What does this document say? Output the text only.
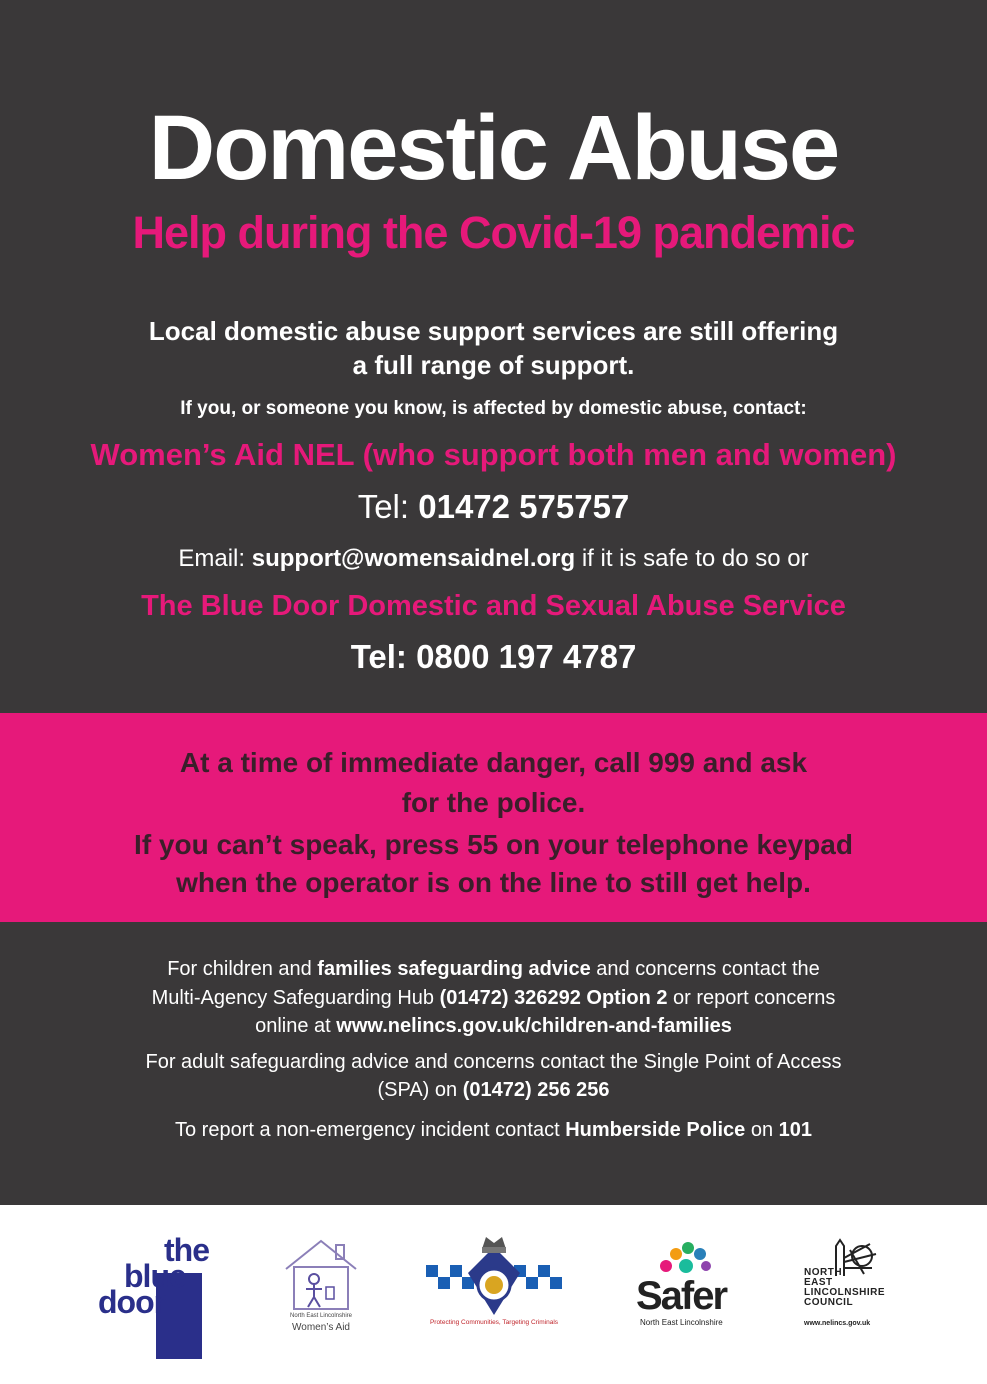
Domestic Abuse
Help during the Covid-19 pandemic
Local domestic abuse support services are still offering
a full range of support.
If you, or someone you know, is affected by domestic abuse, contact:
Women’s Aid NEL (who support both men and women)
Tel: 01472 575757
Email: support@womensaidnel.org if it is safe to do so or
The Blue Door Domestic and Sexual Abuse Service
Tel: 0800 197 4787
At a time of immediate danger, call 999 and ask
for the police.
If you can’t speak, press 55 on your telephone keypad
when the operator is on the line to still get help.
For children and families safeguarding advice and concerns contact the
Multi-Agency Safeguarding Hub (01472) 326292 Option 2 or report concerns
online at www.nelincs.gov.uk/children-and-families
For adult safeguarding advice and concerns contact the Single Point of Access
(SPA) on (01472) 256 256
To report a non-emergency incident contact Humberside Police on 101
the
blue
door	North East Lincolnshire
Women’s Aid	Protecting Communities, Targeting Criminals
Safer
North East Lincolnshire
NORTH
EAST
LINCOLNSHIRE
COUNCIL
www.nelincs.gov.uk
